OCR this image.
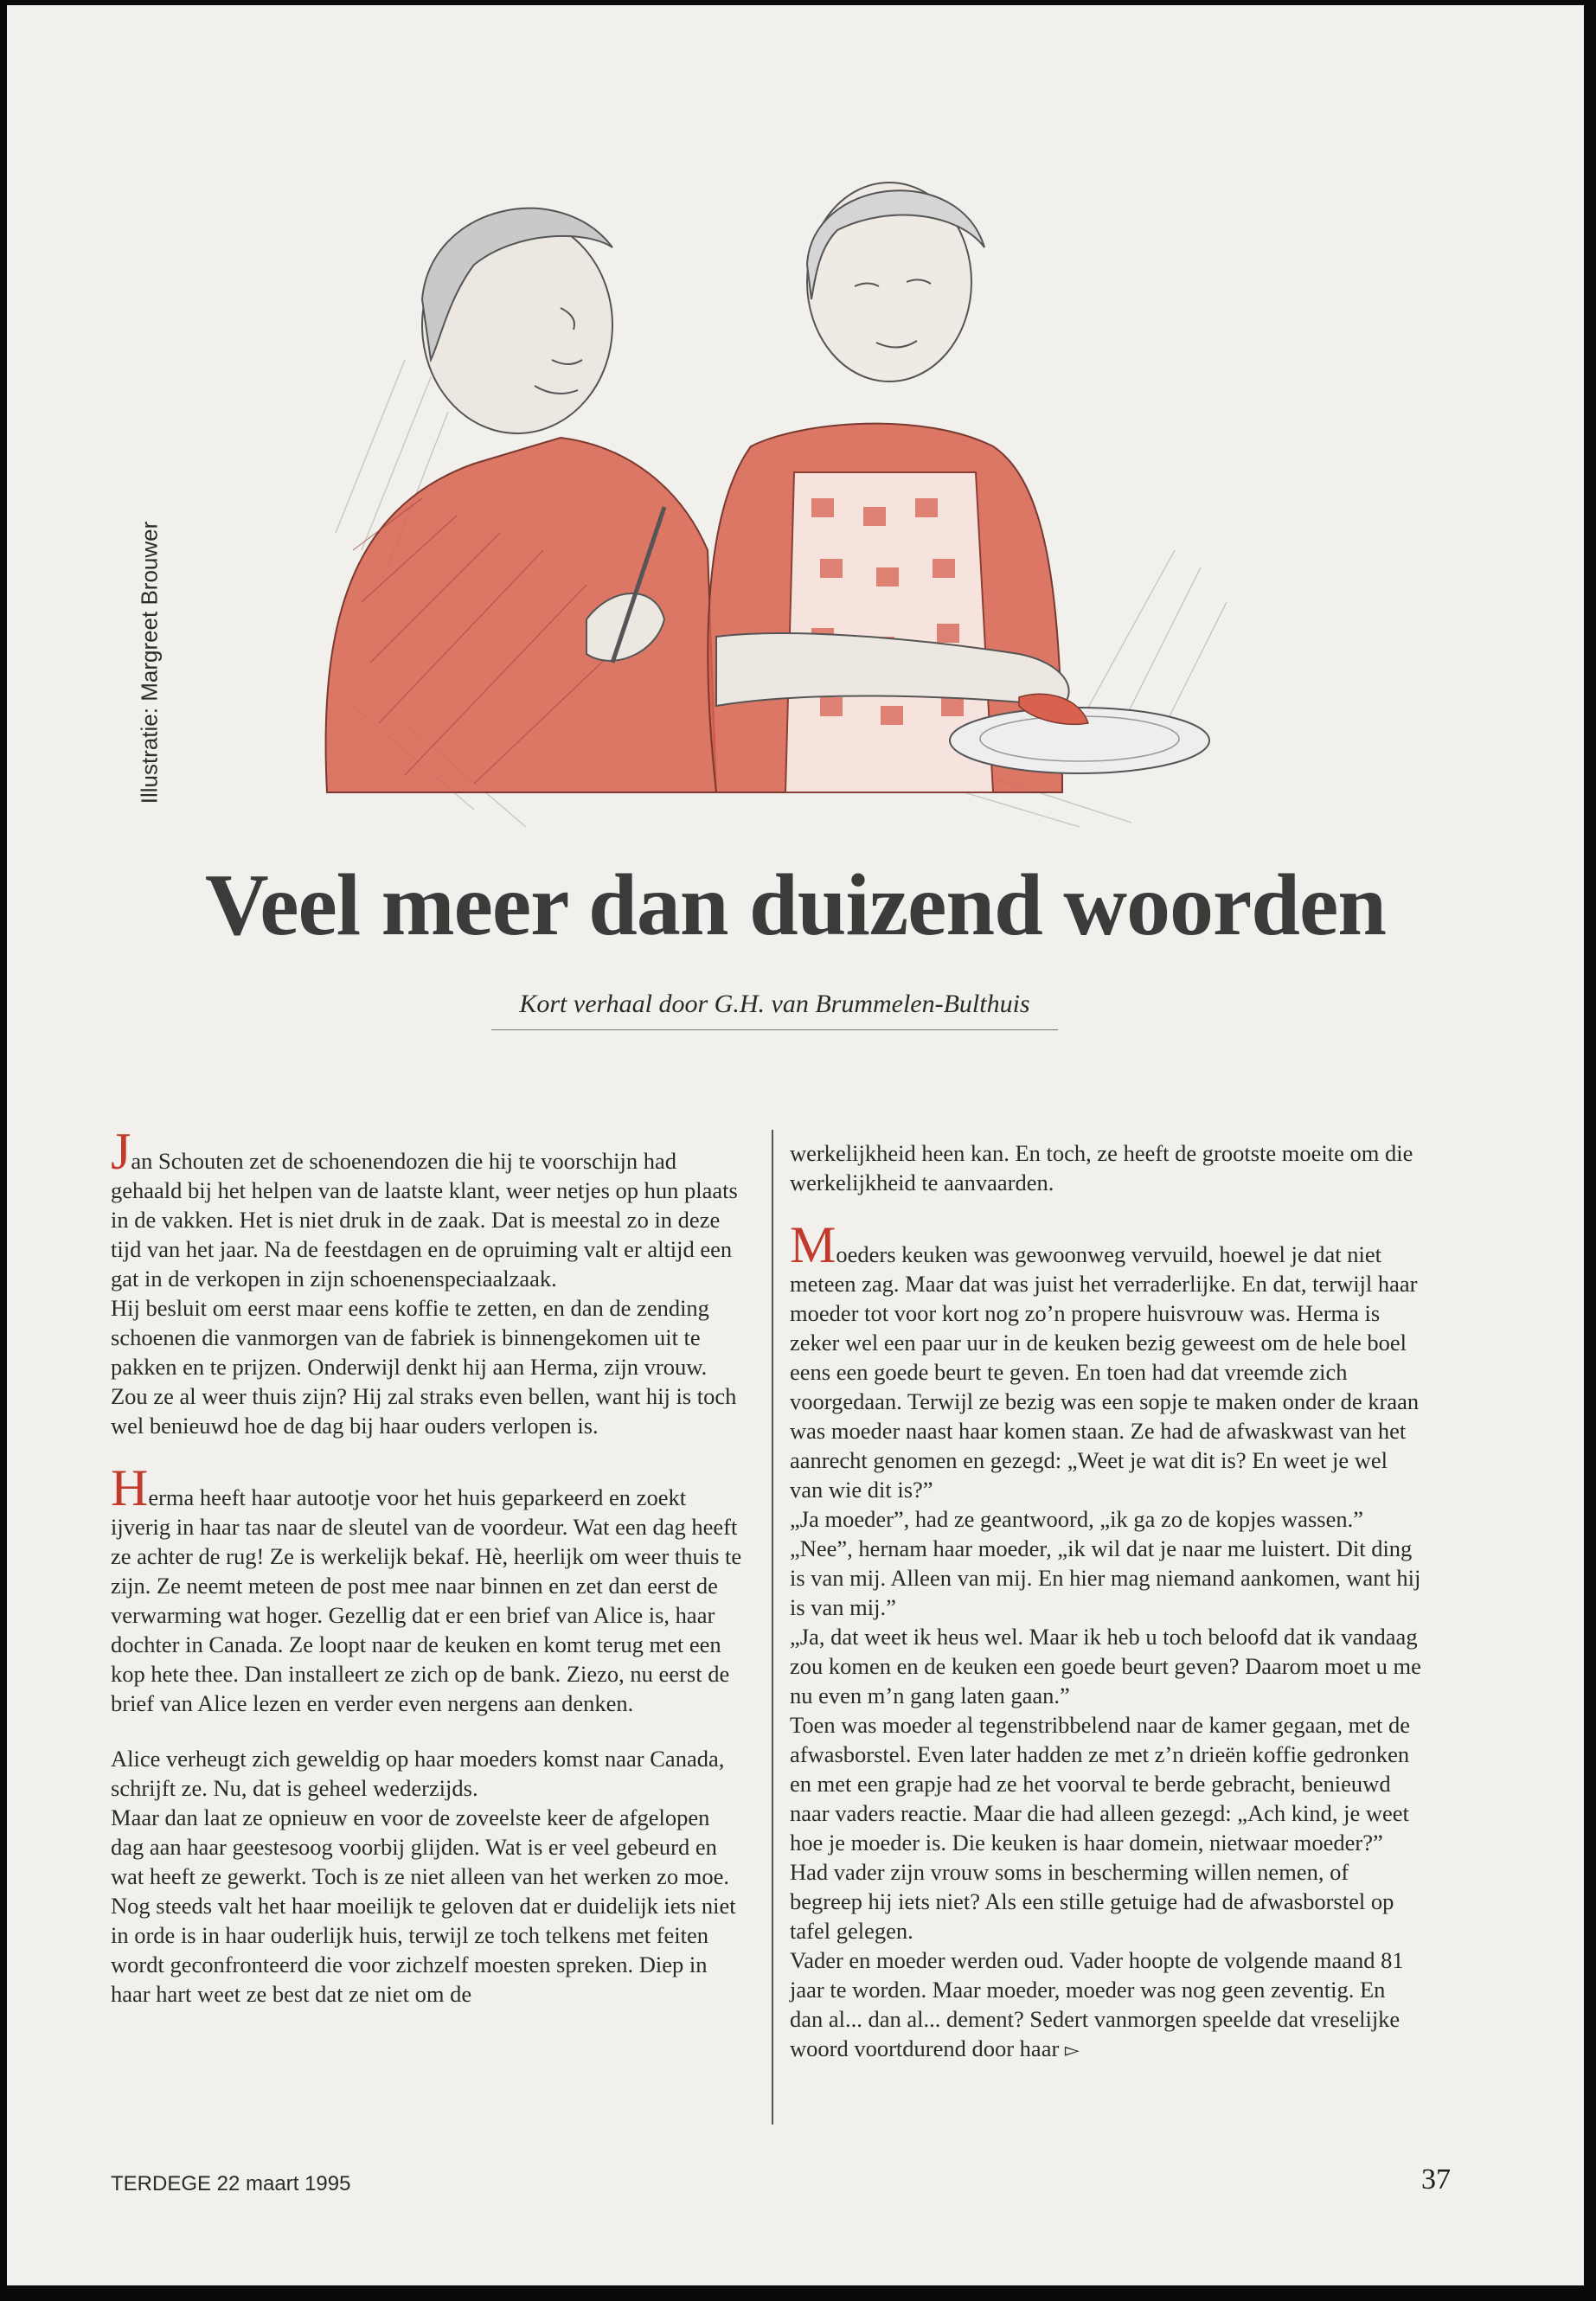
Illustratie: Margreet Brouwer
Veel meer dan duizend woorden
Kort verhaal door G.H. van Brummelen-Bulthuis

Jan Schouten zet de schoenendozen die hij te voorschijn had gehaald bij het helpen van de laatste klant, weer netjes op hun plaats in de vakken. Het is niet druk in de zaak. Dat is meestal zo in deze tijd van het jaar. Na de feestdagen en de opruiming valt er altijd een gat in de verkopen in zijn schoenenspeciaalzaak.

Hij besluit om eerst maar eens koffie te zetten, en dan de zending schoenen die vanmorgen van de fabriek is binnengekomen uit te pakken en te prijzen. Onderwijl denkt hij aan Herma, zijn vrouw. Zou ze al weer thuis zijn? Hij zal straks even bellen, want hij is toch wel benieuwd hoe de dag bij haar ouders verlopen is.

Herma heeft haar autootje voor het huis geparkeerd en zoekt ijverig in haar tas naar de sleutel van de voordeur. Wat een dag heeft ze achter de rug! Ze is werkelijk bekaf. Hè, heerlijk om weer thuis te zijn. Ze neemt meteen de post mee naar binnen en zet dan eerst de verwarming wat hoger. Gezellig dat er een brief van Alice is, haar dochter in Canada. Ze loopt naar de keuken en komt terug met een kop hete thee. Dan installeert ze zich op de bank. Ziezo, nu eerst de brief van Alice lezen en verder even nergens aan denken.

Alice verheugt zich geweldig op haar moeders komst naar Canada, schrijft ze. Nu, dat is geheel wederzijds.

Maar dan laat ze opnieuw en voor de zoveelste keer de afgelopen dag aan haar geestesoog voorbij glijden. Wat is er veel gebeurd en wat heeft ze gewerkt. Toch is ze niet alleen van het werken zo moe. Nog steeds valt het haar moeilijk te geloven dat er duidelijk iets niet in orde is in haar ouderlijk huis, terwijl ze toch telkens met feiten wordt geconfronteerd die voor zichzelf moesten spreken. Diep in haar hart weet ze best dat ze niet om de

werkelijkheid heen kan. En toch, ze heeft de grootste moeite om die werkelijkheid te aanvaarden.

Moeders keuken was gewoonweg vervuild, hoewel je dat niet meteen zag. Maar dat was juist het verraderlijke. En dat, terwijl haar moeder tot voor kort nog zo’n propere huisvrouw was. Herma is zeker wel een paar uur in de keuken bezig geweest om de hele boel eens een goede beurt te geven. En toen had dat vreemde zich voorgedaan. Terwijl ze bezig was een sopje te maken onder de kraan was moeder naast haar komen staan. Ze had de afwaskwast van het aanrecht genomen en gezegd: „Weet je wat dit is? En weet je wel van wie dit is?”

„Ja moeder”, had ze geantwoord, „ik ga zo de kopjes wassen.”

„Nee”, hernam haar moeder, „ik wil dat je naar me luistert. Dit ding is van mij. Alleen van mij. En hier mag niemand aankomen, want hij is van mij.”

„Ja, dat weet ik heus wel. Maar ik heb u toch beloofd dat ik vandaag zou komen en de keuken een goede beurt geven? Daarom moet u me nu even m’n gang laten gaan.”

Toen was moeder al tegenstribbelend naar de kamer gegaan, met de afwasborstel. Even later hadden ze met z’n drieën koffie gedronken en met een grapje had ze het voorval te berde gebracht, benieuwd naar vaders reactie. Maar die had alleen gezegd: „Ach kind, je weet hoe je moeder is. Die keuken is haar domein, nietwaar moeder?” Had vader zijn vrouw soms in bescherming willen nemen, of begreep hij iets niet? Als een stille getuige had de afwasborstel op tafel gelegen.

Vader en moeder werden oud. Vader hoopte de volgende maand 81 jaar te worden. Maar moeder, moeder was nog geen zeventig. En dan al... dan al... dement? Sedert vanmorgen speelde dat vreselijke woord voortdurend door haar ▻

TERDEGE 22 maart 1995	37
